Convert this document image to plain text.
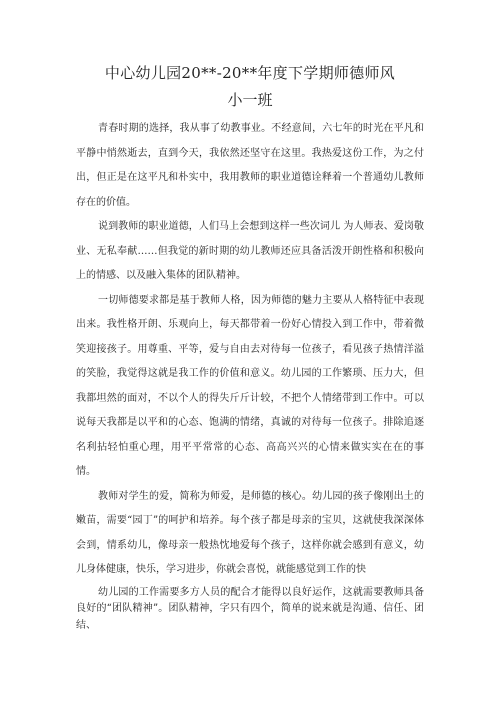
中心幼儿园20**-20**年度下学期师德师风
小一班

青春时期的选择，我从事了幼教事业。不经意间，六七年的时光在平凡和平静中悄然逝去，直到今天，我依然还坚守在这里。我热爱这份工作，为之付出，但正是在这平凡和朴实中，我用教师的职业道德诠释着一个普通幼儿教师存在的价值。

说到教师的职业道德，人们马上会想到这样一些次词儿 为人师表、爱岗敬业、无私奉献……但我觉的新时期的幼儿教师还应具备活泼开朗性格和积极向上的情感、以及融入集体的团队精神。

一切师德要求都是基于教师人格，因为师德的魅力主要从人格特征中表现出来。我性格开朗、乐观向上，每天都带着一份好心情投入到工作中，带着微笑迎接孩子。用尊重、平等，爱与自由去对待每一位孩子，看见孩子热情洋溢的笑脸，我觉得这就是我工作的价值和意义。幼儿园的工作繁琐、压力大，但我都坦然的面对，不以个人的得失斤斤计较，不把个人情绪带到工作中。可以说每天我都是以平和的心态、饱满的情绪，真诚的对待每一位孩子。排除追逐名利拈轻怕重心理，用平平常常的心态、高高兴兴的心情来做实实在在的事情。

教师对学生的爱，简称为师爱，是师德的核心。幼儿园的孩子像刚出土的嫩苗，需要“园丁”的呵护和培养。每个孩子都是母亲的宝贝，这就使我深深体会到，情系幼儿，像母亲一般热忱地爱每个孩子，这样你就会感到有意义，幼儿身体健康，快乐，学习进步，你就会喜悦，就能感觉到工作的快

幼儿园的工作需要多方人员的配合才能得以良好运作，这就需要教师具备良好的“团队精神”。团队精神，字只有四个，简单的说来就是沟通、信任、团结、
